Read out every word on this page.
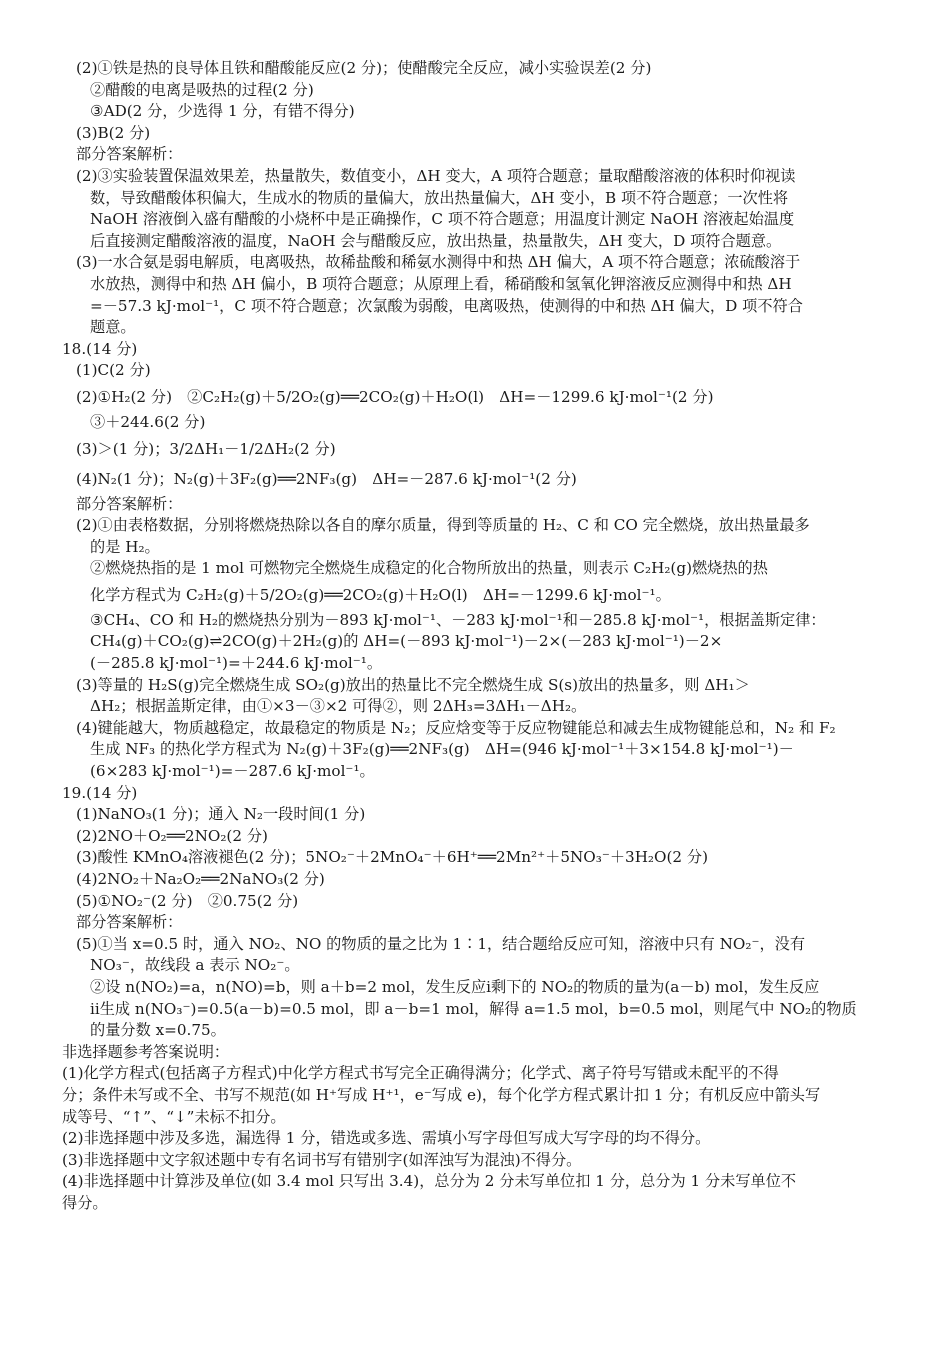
(2)①铁是热的良导体且铁和醋酸能反应(2 分)；使醋酸完全反应，减小实验误差(2 分)
②醋酸的电离是吸热的过程(2 分)
③AD(2 分，少选得 1 分，有错不得分)
(3)B(2 分)
部分答案解析：
(2)③实验装置保温效果差，热量散失，数值变小，ΔH 变大，A 项符合题意；量取醋酸溶液的体积时仰视读
数，导致醋酸体积偏大，生成水的物质的量偏大，放出热量偏大，ΔH 变小，B 项不符合题意；一次性将
NaOH 溶液倒入盛有醋酸的小烧杯中是正确操作，C 项不符合题意；用温度计测定 NaOH 溶液起始温度
后直接测定醋酸溶液的温度，NaOH 会与醋酸反应，放出热量，热量散失，ΔH 变大，D 项符合题意。
(3)一水合氨是弱电解质，电离吸热，故稀盐酸和稀氨水测得中和热 ΔH 偏大，A 项不符合题意；浓硫酸溶于
水放热，测得中和热 ΔH 偏小，B 项符合题意；从原理上看，稀硝酸和氢氧化钾溶液反应测得中和热 ΔH
=－57.3 kJ·mol⁻¹，C 项不符合题意；次氯酸为弱酸，电离吸热，使测得的中和热 ΔH 偏大，D 项不符合
题意。
18.(14 分)
(1)C(2 分)
(2)①H₂(2 分)　②C₂H₂(g)＋5/2O₂(g)══2CO₂(g)＋H₂O(l)　ΔH=－1299.6 kJ·mol⁻¹(2 分)
③＋244.6(2 分)
(3)＞(1 分)；3/2ΔH₁－1/2ΔH₂(2 分)
(4)N₂(1 分)；N₂(g)＋3F₂(g)══2NF₃(g)　ΔH=－287.6 kJ·mol⁻¹(2 分)
部分答案解析：
(2)①由表格数据，分别将燃烧热除以各自的摩尔质量，得到等质量的 H₂、C 和 CO 完全燃烧，放出热量最多
的是 H₂。
②燃烧热指的是 1 mol 可燃物完全燃烧生成稳定的化合物所放出的热量，则表示 C₂H₂(g)燃烧热的热
化学方程式为 C₂H₂(g)＋5/2O₂(g)══2CO₂(g)＋H₂O(l)　ΔH=－1299.6 kJ·mol⁻¹。
③CH₄、CO 和 H₂的燃烧热分别为－893 kJ·mol⁻¹、－283 kJ·mol⁻¹和－285.8 kJ·mol⁻¹，根据盖斯定律：
CH₄(g)＋CO₂(g)⇌2CO(g)＋2H₂(g)的 ΔH=(－893 kJ·mol⁻¹)－2×(－283 kJ·mol⁻¹)－2×
(－285.8 kJ·mol⁻¹)=＋244.6 kJ·mol⁻¹。
(3)等量的 H₂S(g)完全燃烧生成 SO₂(g)放出的热量比不完全燃烧生成 S(s)放出的热量多，则 ΔH₁＞
ΔH₂；根据盖斯定律，由①×3－③×2 可得②，则 2ΔH₃=3ΔH₁－ΔH₂。
(4)键能越大，物质越稳定，故最稳定的物质是 N₂；反应焓变等于反应物键能总和减去生成物键能总和，N₂ 和 F₂
生成 NF₃ 的热化学方程式为 N₂(g)＋3F₂(g)══2NF₃(g)　ΔH=(946 kJ·mol⁻¹＋3×154.8 kJ·mol⁻¹)－
(6×283 kJ·mol⁻¹)=－287.6 kJ·mol⁻¹。
19.(14 分)
(1)NaNO₃(1 分)；通入 N₂一段时间(1 分)
(2)2NO＋O₂══2NO₂(2 分)
(3)酸性 KMnO₄溶液褪色(2 分)；5NO₂⁻＋2MnO₄⁻＋6H⁺══2Mn²⁺＋5NO₃⁻＋3H₂O(2 分)
(4)2NO₂＋Na₂O₂══2NaNO₃(2 分)
(5)①NO₂⁻(2 分)　②0.75(2 分)
部分答案解析：
(5)①当 x=0.5 时，通入 NO₂、NO 的物质的量之比为 1∶1，结合题给反应可知，溶液中只有 NO₂⁻，没有
NO₃⁻，故线段 a 表示 NO₂⁻。
②设 n(NO₂)=a，n(NO)=b，则 a＋b=2 mol，发生反应ⅰ剩下的 NO₂的物质的量为(a－b) mol，发生反应
ⅱ生成 n(NO₃⁻)=0.5(a－b)=0.5 mol，即 a－b=1 mol，解得 a=1.5 mol，b=0.5 mol，则尾气中 NO₂的物质
的量分数 x=0.75。
非选择题参考答案说明：
(1)化学方程式(包括离子方程式)中化学方程式书写完全正确得满分；化学式、离子符号写错或未配平的不得
分；条件未写或不全、书写不规范(如 H⁺写成 H⁺¹，e⁻写成 e)，每个化学方程式累计扣 1 分；有机反应中箭头写
成等号、“↑”、“↓”未标不扣分。
(2)非选择题中涉及多选，漏选得 1 分，错选或多选、需填小写字母但写成大写字母的均不得分。
(3)非选择题中文字叙述题中专有名词书写有错别字(如浑浊写为混浊)不得分。
(4)非选择题中计算涉及单位(如 3.4 mol 只写出 3.4)，总分为 2 分未写单位扣 1 分，总分为 1 分未写单位不
得分。
